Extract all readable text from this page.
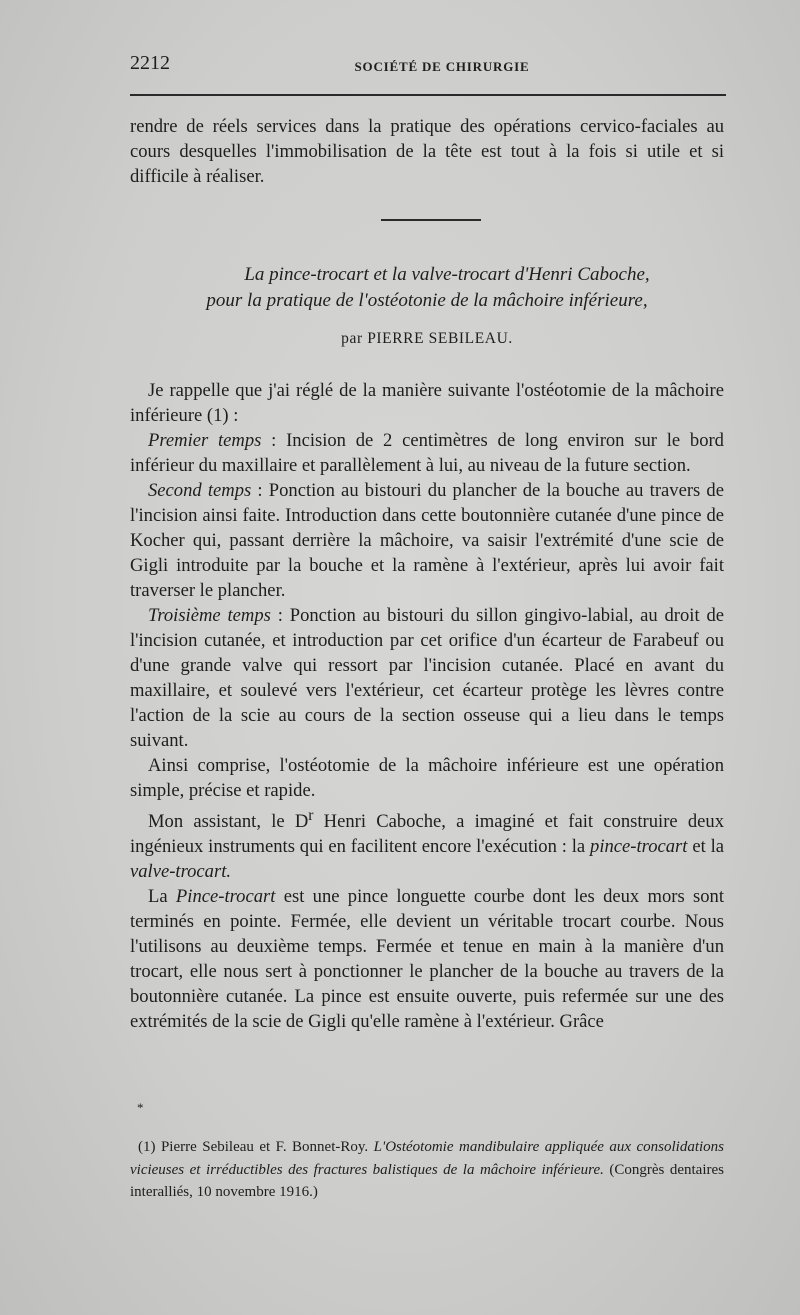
2212	SOCIÉTÉ DE CHIRURGIE

rendre de réels services dans la pratique des opérations cervico-faciales au cours desquelles l'immobilisation de la tête est tout à la fois si utile et si difficile à réaliser.

La pince-trocart et la valve-trocart d'Henri Caboche,
pour la pratique de l'ostéotonie de la mâchoire inférieure,
par PIERRE SEBILEAU.

Je rappelle que j'ai réglé de la manière suivante l'ostéotomie de la mâchoire inférieure (1) :

Premier temps : Incision de 2 centimètres de long environ sur le bord inférieur du maxillaire et parallèlement à lui, au niveau de la future section.

Second temps : Ponction au bistouri du plancher de la bouche au travers de l'incision ainsi faite. Introduction dans cette boutonnière cutanée d'une pince de Kocher qui, passant derrière la mâchoire, va saisir l'extrémité d'une scie de Gigli introduite par la bouche et la ramène à l'extérieur, après lui avoir fait traverser le plancher.

Troisième temps : Ponction au bistouri du sillon gingivo-labial, au droit de l'incision cutanée, et introduction par cet orifice d'un écarteur de Farabeuf ou d'une grande valve qui ressort par l'incision cutanée. Placé en avant du maxillaire, et soulevé vers l'extérieur, cet écarteur protège les lèvres contre l'action de la scie au cours de la section osseuse qui a lieu dans le temps suivant.

Ainsi comprise, l'ostéotomie de la mâchoire inférieure est une opération simple, précise et rapide.

Mon assistant, le $D^r$ Henri Caboche, a imaginé et fait construire deux ingénieux instruments qui en facilitent encore l'exécution : la pince-trocart et la valve-trocart.

La Pince-trocart est une pince longuette courbe dont les deux mors sont terminés en pointe. Fermée, elle devient un véritable trocart courbe. Nous l'utilisons au deuxième temps. Fermée et tenue en main à la manière d'un trocart, elle nous sert à ponctionner le plancher de la bouche au travers de la boutonnière cutanée. La pince est ensuite ouverte, puis refermée sur une des extrémités de la scie de Gigli qu'elle ramène à l'extérieur. Grâce

*
(1) Pierre Sebileau et F. Bonnet-Roy. L'Ostéotomie mandibulaire appliquée aux consolidations vicieuses et irréductibles des fractures balistiques de la mâchoire inférieure. (Congrès dentaires interalliés, 10 novembre 1916.)
